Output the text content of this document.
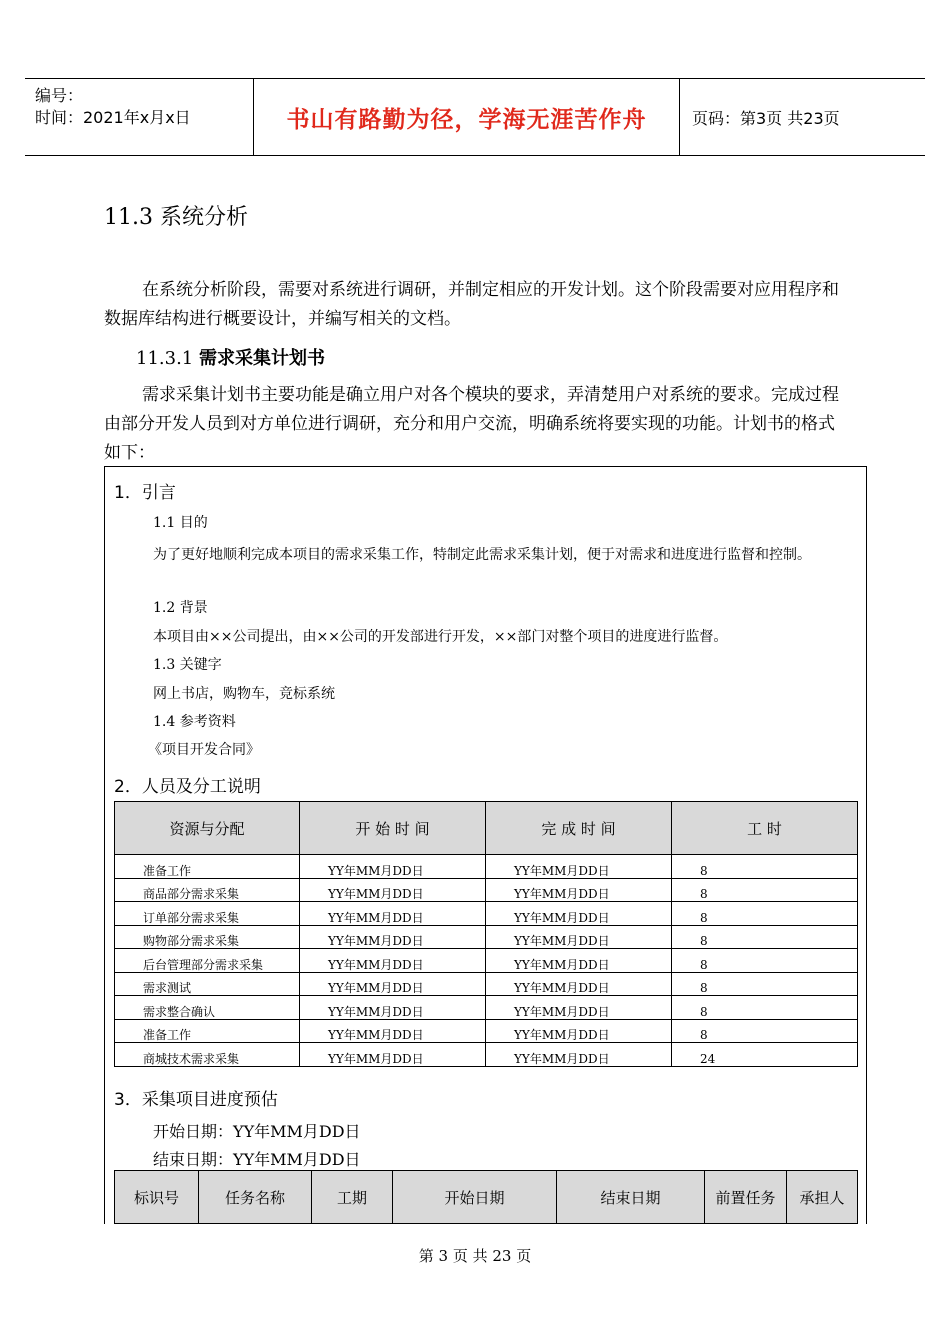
编号：
时间：2021年x月x日	书山有路勤为径，学海无涯苦作舟	页码：第3页 共23页
11.3 系统分析

在系统分析阶段，需要对系统进行调研，并制定相应的开发计划。这个阶段需要对应用程序和数据库结构进行概要设计，并编写相关的文档。

11.3.1 需求采集计划书

需求采集计划书主要功能是确立用户对各个模块的要求，弄清楚用户对系统的要求。完成过程由部分开发人员到对方单位进行调研，充分和用户交流，明确系统将要实现的功能。计划书的格式如下：

1．引言
1.1 目的
为了更好地顺利完成本项目的需求采集工作，特制定此需求采集计划，便于对需求和进度进行监督和控制。
1.2 背景
本项目由××公司提出，由××公司的开发部进行开发，××部门对整个项目的进度进行监督。
1.3 关键字
网上书店，购物车，竞标系统
1.4 参考资料
《项目开发合同》
2．人员及分工说明
资源与分配	开 始 时 间	完 成 时 间	工 时
准备工作	YY年MM月DD日	YY年MM月DD日	8
商品部分需求采集	YY年MM月DD日	YY年MM月DD日	8
订单部分需求采集	YY年MM月DD日	YY年MM月DD日	8
购物部分需求采集	YY年MM月DD日	YY年MM月DD日	8
后台管理部分需求采集	YY年MM月DD日	YY年MM月DD日	8
需求测试	YY年MM月DD日	YY年MM月DD日	8
需求整合确认	YY年MM月DD日	YY年MM月DD日	8
准备工作	YY年MM月DD日	YY年MM月DD日	8
商城技术需求采集	YY年MM月DD日	YY年MM月DD日	24
3．采集项目进度预估
开始日期：YY年MM月DD日
结束日期：YY年MM月DD日
标识号	任务名称	工期	开始日期	结束日期	前置任务	承担人
第 3 页 共 23 页
